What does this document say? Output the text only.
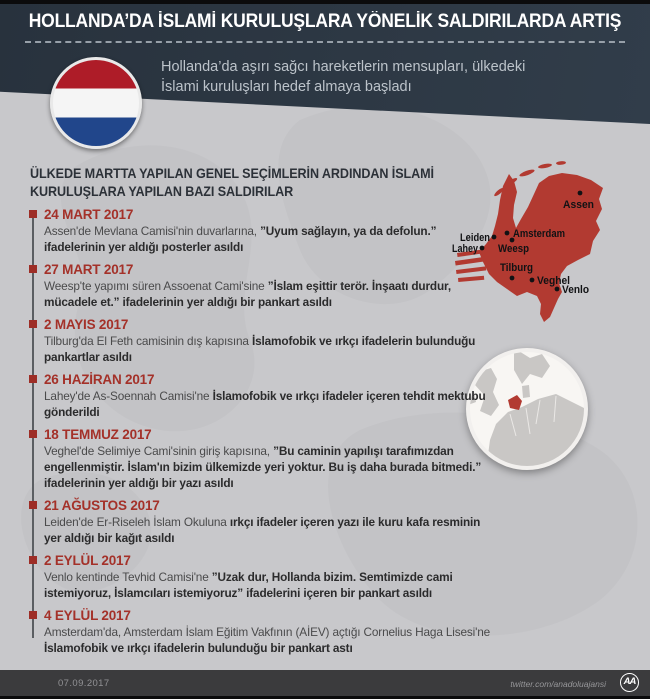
HOLLANDA’DA İSLAMİ KURULUŞLARA YÖNELİK SALDIRILARDA ARTIŞ
Hollanda’da aşırı sağcı hareketlerin mensupları, ülkedeki
İslami kuruluşları hedef almaya başladı
ÜLKEDE MARTTA YAPILAN GENEL SEÇİMLERİN ARDINDAN İSLAMİ
KURULUŞLARA YAPILAN BAZI SALDIRILAR
24 MART 2017
Assen'de Mevlana Camisi'nin duvarlarına, ”Uyum sağlayın, ya da defolun.” ifadelerinin yer aldığı posterler asıldı
27 MART 2017
Weesp'te yapımı süren Assoenat Cami'sine ”İslam eşittir terör. İnşaatı durdur, mücadele et.” ifadelerinin yer aldığı bir pankart asıldı
2 MAYIS 2017
Tilburg'da El Feth camisinin dış kapısına İslamofobik ve ırkçı ifadelerin bulunduğu pankartlar asıldı
26 HAZİRAN 2017
Lahey'de As-Soennah Camisi'ne İslamofobik ve ırkçı ifadeler içeren tehdit mektubu gönderildi
18 TEMMUZ 2017
Veghel'de Selimiye Cami'sinin giriş kapısına, ”Bu caminin yapılışı tarafımızdan engellenmiştir. İslam'ın bizim ülkemizde yeri yoktur. Bu iş daha burada bitmedi.” ifadelerinin yer aldığı bir yazı asıldı
21 AĞUSTOS 2017
Leiden'de Er-Riseleh İslam Okuluna ırkçı ifadeler içeren yazı ile kuru kafa resminin yer aldığı bir kağıt asıldı
2 EYLÜL 2017
Venlo kentinde Tevhid Camisi'ne ”Uzak dur, Hollanda bizim. Semtimizde cami istemiyoruz, İslamcıları istemiyoruz” ifadelerini içeren bir pankart asıldı
4 EYLÜL 2017
Amsterdam'da, Amsterdam İslam Eğitim Vakfının (AİEV) açtığı Cornelius Haga Lisesi'ne İslamofobik ve ırkçı ifadelerin bulunduğu bir pankart astı
Assen
Amsterdam
Leiden
Lahey Weesp
Tilburg
Veghel
Venlo
07.09.2017	twitter.com/anadoluajansi	AA
